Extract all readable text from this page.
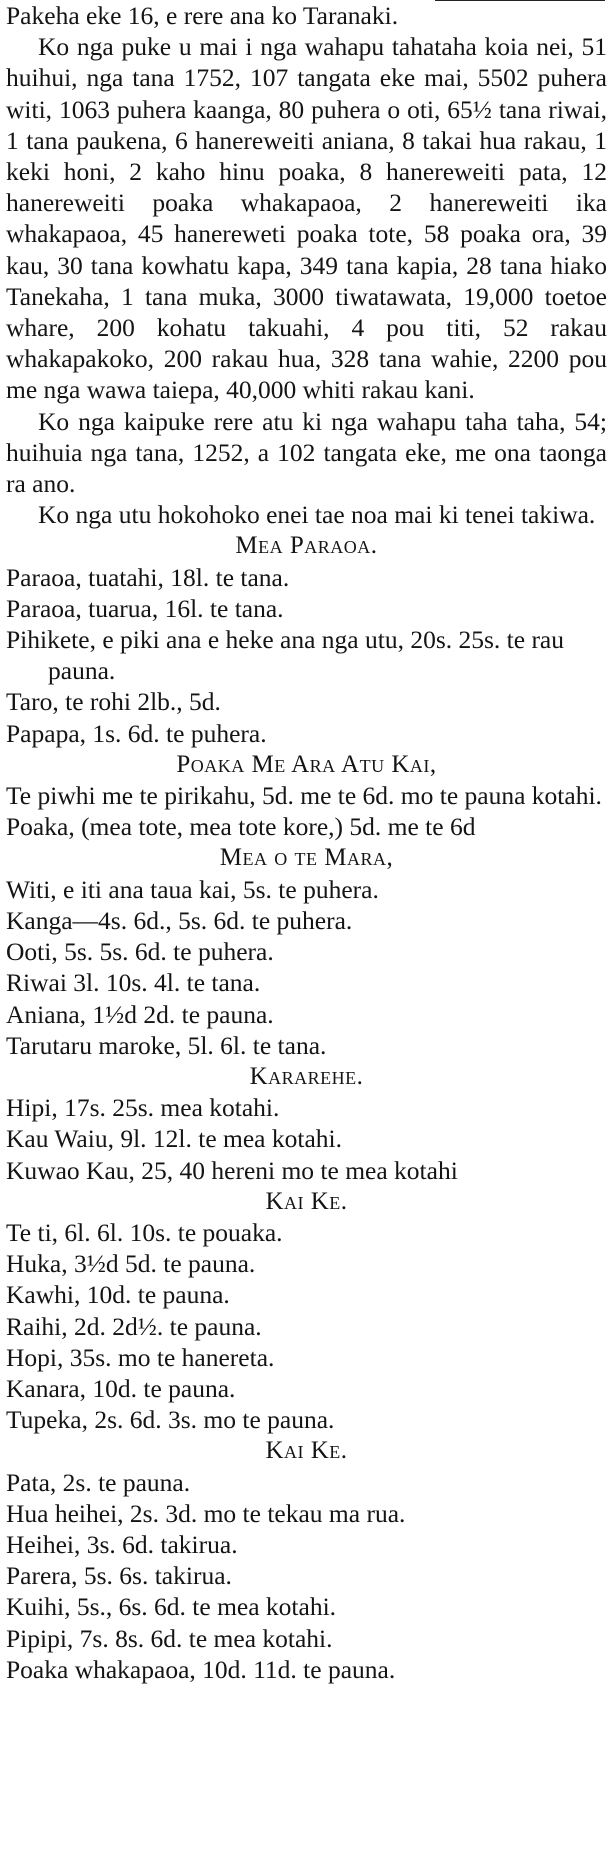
Pakeha eke 16, e rere ana ko Taranaki.

Ko nga puke u mai i nga wahapu tahataha koia nei, 51 huihui, nga tana 1752, 107 tangata eke mai, 5502 puhera witi, 1063 puhera kaanga, 80 puhera o oti, 65½ tana riwai, 1 tana paukena, 6 hanereweiti aniana, 8 takai hua rakau, 1 keki honi, 2 kaho hinu poaka, 8 hanereweiti pata, 12 hanereweiti poaka whakapaoa, 2 hanereweiti ika whakapaoa, 45 hanereweti poaka tote, 58 poaka ora, 39 kau, 30 tana kowhatu kapa, 349 tana kapia, 28 tana hiako Tanekaha, 1 tana muka, 3000 tiwatawata, 19,000 toetoe whare, 200 kohatu takuahi, 4 pou titi, 52 rakau whakapakoko, 200 rakau hua, 328 tana wahie, 2200 pou me nga wawa taiepa, 40,000 whiti rakau kani.

Ko nga kaipuke rere atu ki nga wahapu taha taha, 54; huihuia nga tana, 1252, a 102 tangata eke, me ona taonga ra ano.

Ko nga utu hokohoko enei tae noa mai ki tenei takiwa.

Mea Paraoa.

Paraoa, tuatahi, 18l. te tana.

Paraoa, tuarua, 16l. te tana.

Pihikete, e piki ana e heke ana nga utu, 20s. 25s. te rau pauna.

Taro, te rohi 2lb., 5d.

Papapa, 1s. 6d. te puhera.

Poaka Me Ara Atu Kai,

Te piwhi me te pirikahu, 5d. me te 6d. mo te pauna kotahi.

Poaka, (mea tote, mea tote kore,) 5d. me te 6d

Mea o te Mara,

Witi, e iti ana taua kai, 5s. te puhera.

Kanga—4s. 6d., 5s. 6d. te puhera.

Ooti, 5s. 5s. 6d. te puhera.

Riwai 3l. 10s. 4l. te tana.

Aniana, 1½d 2d. te pauna.

Tarutaru maroke, 5l. 6l. te tana.

Kararehe.

Hipi, 17s. 25s. mea kotahi.

Kau Waiu, 9l. 12l. te mea kotahi.

Kuwao Kau, 25, 40 hereni mo te mea kotahi

Kai Ke.

Te ti, 6l. 6l. 10s. te pouaka.

Huka, 3½d 5d. te pauna.

Kawhi, 10d. te pauna.

Raihi, 2d. 2d½. te pauna.

Hopi, 35s. mo te hanereta.

Kanara, 10d. te pauna.

Tupeka, 2s. 6d. 3s. mo te pauna.

Kai Ke.

Pata, 2s. te pauna.

Hua heihei, 2s. 3d. mo te tekau ma rua.

Heihei, 3s. 6d. takirua.

Parera, 5s. 6s. takirua.

Kuihi, 5s., 6s. 6d. te mea kotahi.

Pipipi, 7s. 8s. 6d. te mea kotahi.

Poaka whakapaoa, 10d. 11d. te pauna.
